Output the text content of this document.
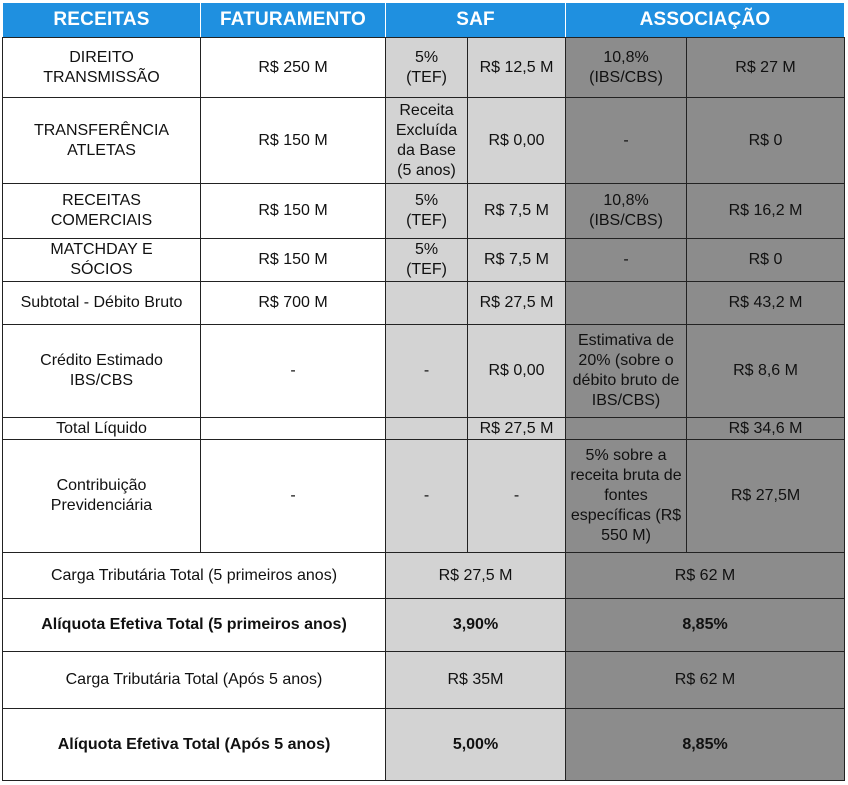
RECEITAS	FATURAMENTO	SAF		ASSOCIAÇÃO	
DIREITO TRANSMISSÃO	R$ 250 M	5% (TEF)	R$ 12,5 M	10,8% (IBS/CBS)	R$ 27 M
TRANSFERÊNCIA ATLETAS	R$ 150 M	Receita Excluída da Base (5 anos)	R$ 0,00	-	R$ 0
RECEITAS COMERCIAIS	R$ 150 M	5% (TEF)	R$ 7,5 M	10,8% (IBS/CBS)	R$ 16,2 M
MATCHDAY E SÓCIOS	R$ 150 M	5% (TEF)	R$ 7,5 M	-	R$ 0
Subtotal - Débito Bruto	R$ 700 M		R$ 27,5 M		R$ 43,2 M
Crédito Estimado IBS/CBS	-	-	R$ 0,00	Estimativa de 20% (sobre o débito bruto de IBS/CBS)	R$ 8,6 M
Total Líquido			R$ 27,5 M		R$ 34,6 M
Contribuição Previdenciária	-	-	-	5% sobre a receita bruta de fontes específicas (R$ 550 M)	R$ 27,5M
Carga Tributária Total (5 primeiros anos)		R$ 27,5 M		R$ 62 M	
Alíquota Efetiva Total (5 primeiros anos)		3,90%		8,85%	
Carga Tributária Total (Após 5 anos)		R$ 35M		R$ 62 M	
Alíquota Efetiva Total (Após 5 anos)		5,00%		8,85%	
